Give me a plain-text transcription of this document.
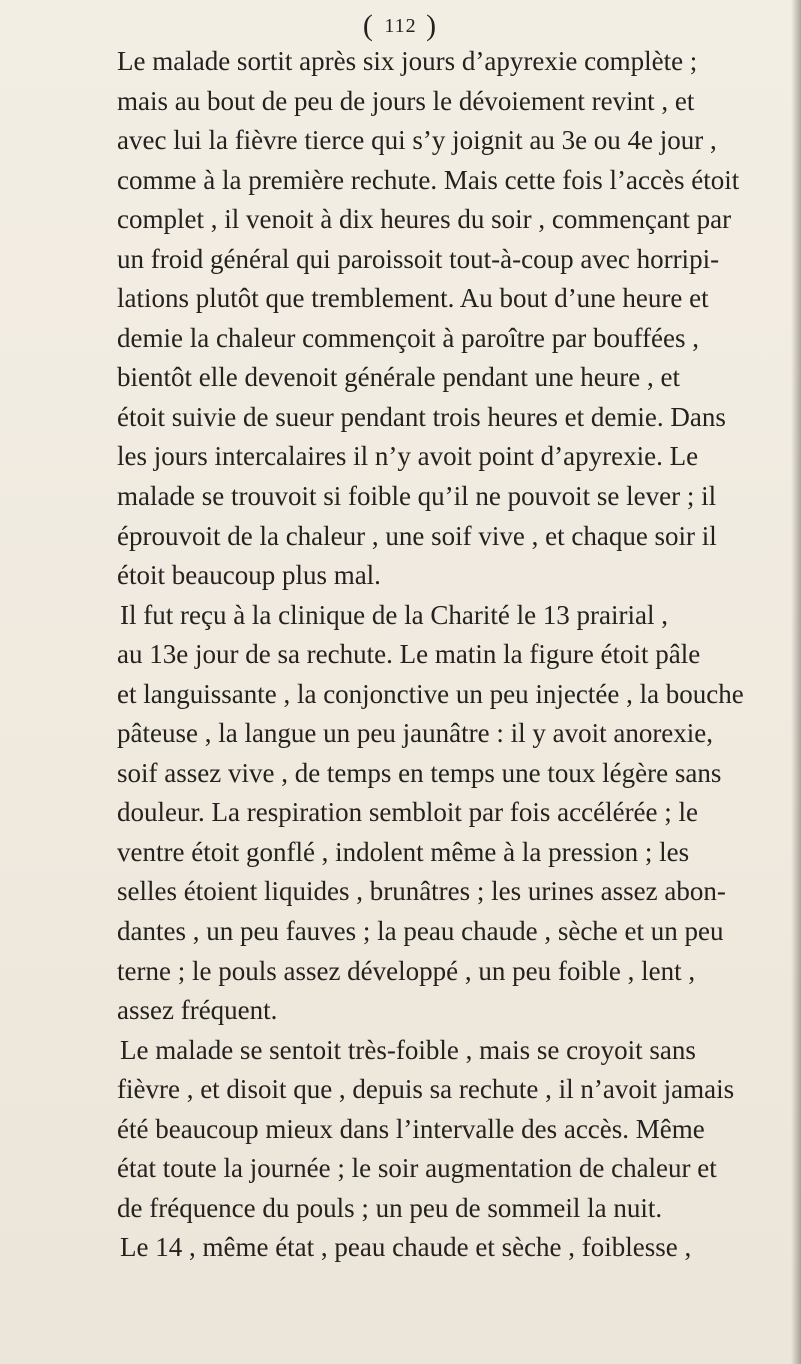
( 112 )
Le malade sortit après six jours d’apyrexie complète ;
mais au bout de peu de jours le dévoiement revint , et
avec lui la fièvre tierce qui s’y joignit au 3e ou 4e jour ,
comme à la première rechute. Mais cette fois l’accès étoit
complet , il venoit à dix heures du soir , commençant par
un froid général qui paroissoit tout-à-coup avec horripi-
lations plutôt que tremblement. Au bout d’une heure et
demie la chaleur commençoit à paroître par bouffées ,
bientôt elle devenoit générale pendant une heure , et
étoit suivie de sueur pendant trois heures et demie. Dans
les jours intercalaires il n’y avoit point d’apyrexie. Le
malade se trouvoit si foible qu’il ne pouvoit se lever ; il
éprouvoit de la chaleur , une soif vive , et chaque soir il
étoit beaucoup plus mal.
Il fut reçu à la clinique de la Charité le 13 prairial ,
au 13e jour de sa rechute. Le matin la figure étoit pâle
et languissante , la conjonctive un peu injectée , la bouche
pâteuse , la langue un peu jaunâtre : il y avoit anorexie,
soif assez vive , de temps en temps une toux légère sans
douleur. La respiration sembloit par fois accélérée ; le
ventre étoit gonflé , indolent même à la pression ; les
selles étoient liquides , brunâtres ; les urines assez abon-
dantes , un peu fauves ; la peau chaude , sèche et un peu
terne ; le pouls assez développé , un peu foible , lent ,
assez fréquent.
Le malade se sentoit très-foible , mais se croyoit sans
fièvre , et disoit que , depuis sa rechute , il n’avoit jamais
été beaucoup mieux dans l’intervalle des accès. Même
état toute la journée ; le soir augmentation de chaleur et
de fréquence du pouls ; un peu de sommeil la nuit.
Le 14 , même état , peau chaude et sèche , foiblesse ,
